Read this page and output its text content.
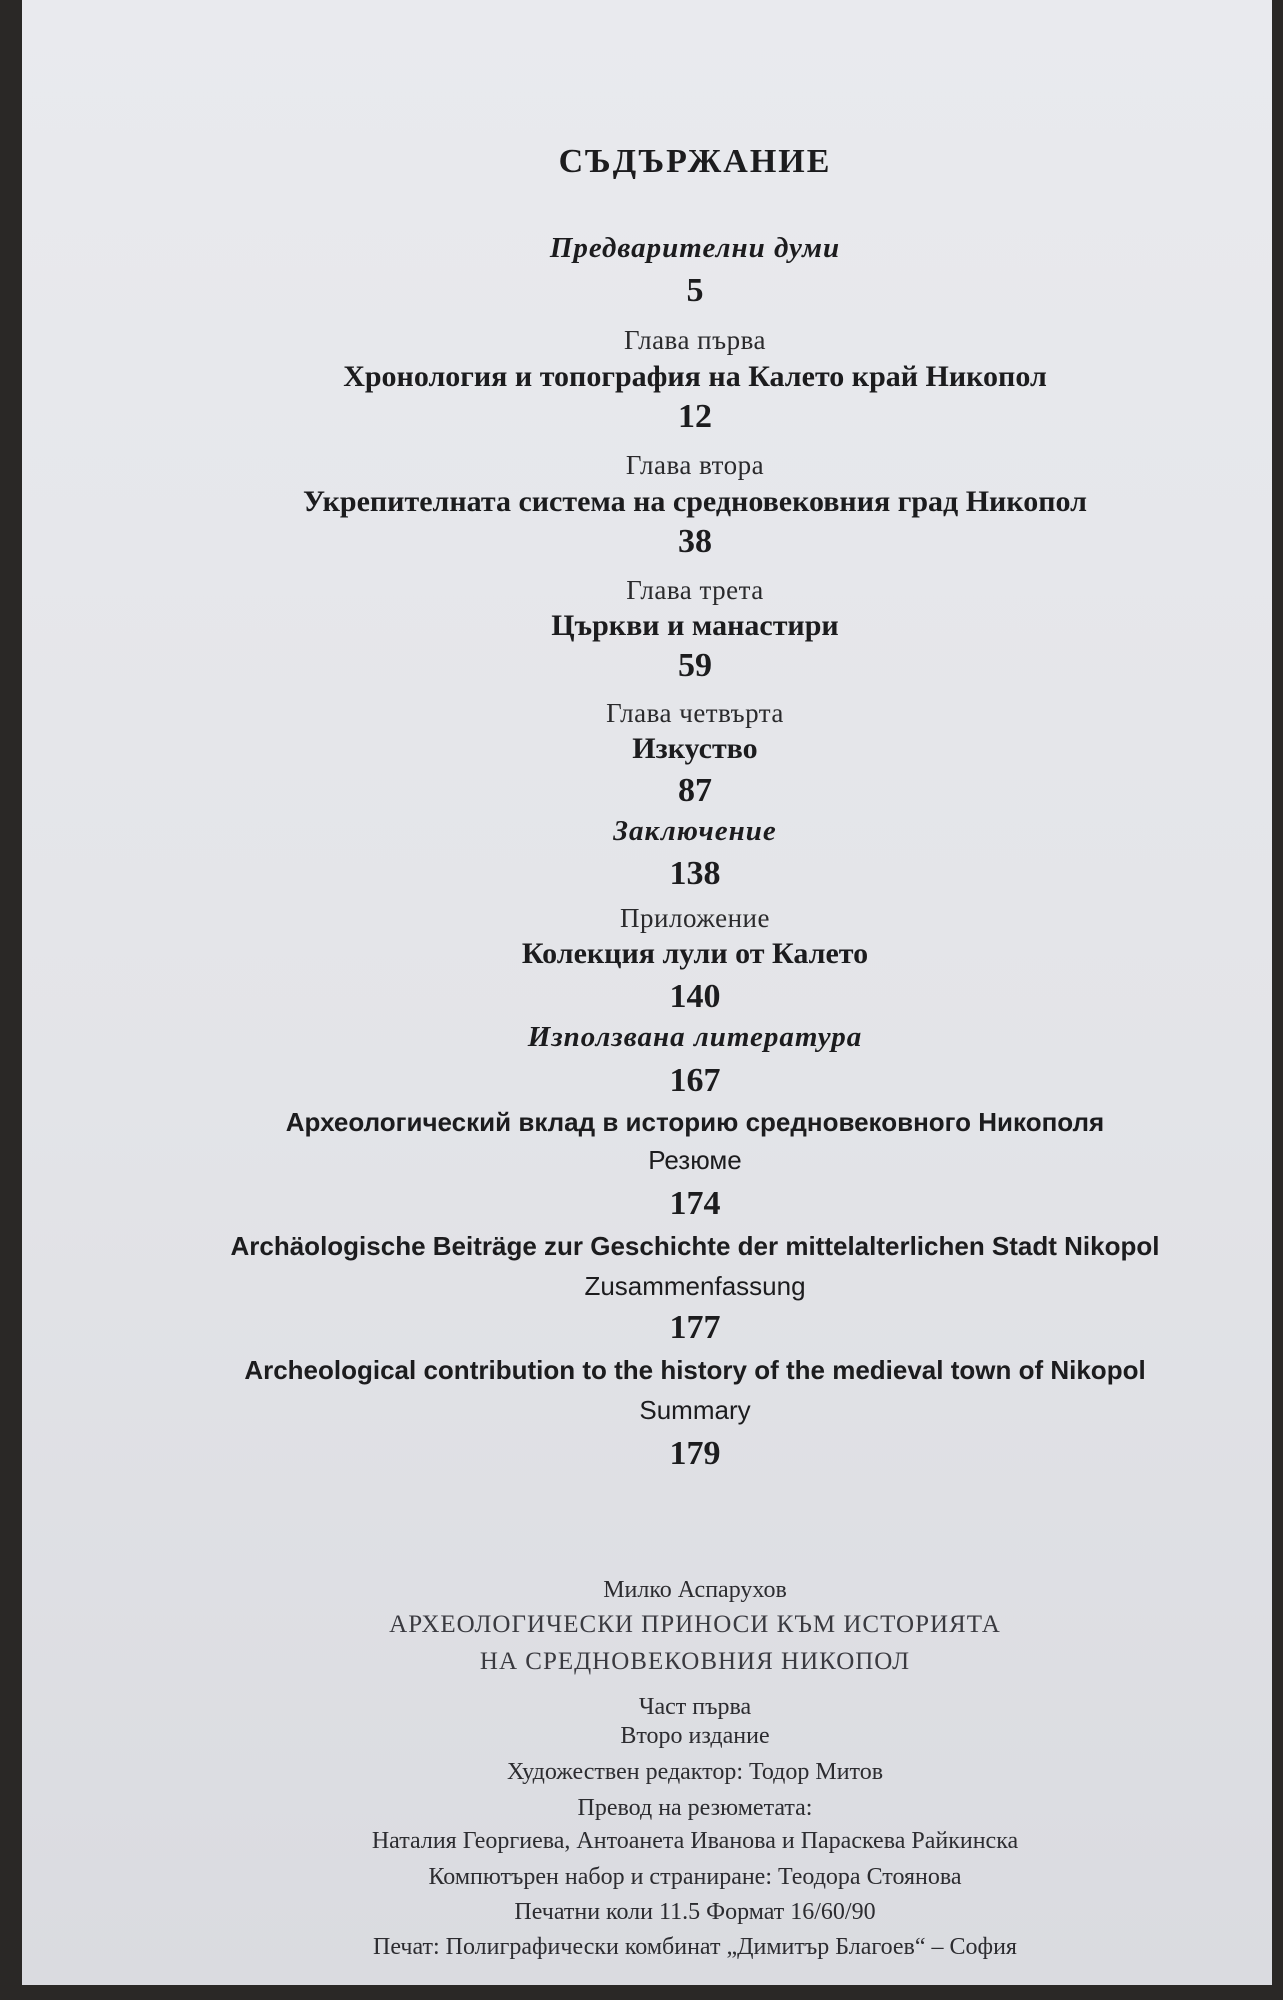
СЪДЪРЖАНИЕ
Предварителни думи
5
Глава първа
Хронология и топография на Калето край Никопол
12
Глава втора
Укрепителната система на средновековния град Никопол
38
Глава трета
Църкви и манастири
59
Глава четвърта
Изкуство
87
Заключение
138
Приложение
Колекция лули от Калето
140
Използвана литература
167
Археологический вклад в историю средновековного Никополя
Резюме
174
Archäologische Beiträge zur Geschichte der mittelalterlichen Stadt Nikopol
Zusammenfassung
177
Archeological contribution to the history of the medieval town of Nikopol
Summary
179
Милко Аспарухов
АРХЕОЛОГИЧЕСКИ ПРИНОСИ КЪМ ИСТОРИЯТА
НА СРЕДНОВЕКОВНИЯ НИКОПОЛ
Част първа
Второ издание
Художествен редактор: Тодор Митов
Превод на резюметата:
Наталия Георгиева, Антоанета Иванова и Параскева Райкинска
Компютърен набор и страниране: Теодора Стоянова
Печатни коли 11.5 Формат 16/60/90
Печат: Полиграфически комбинат „Димитър Благоев“ – София
